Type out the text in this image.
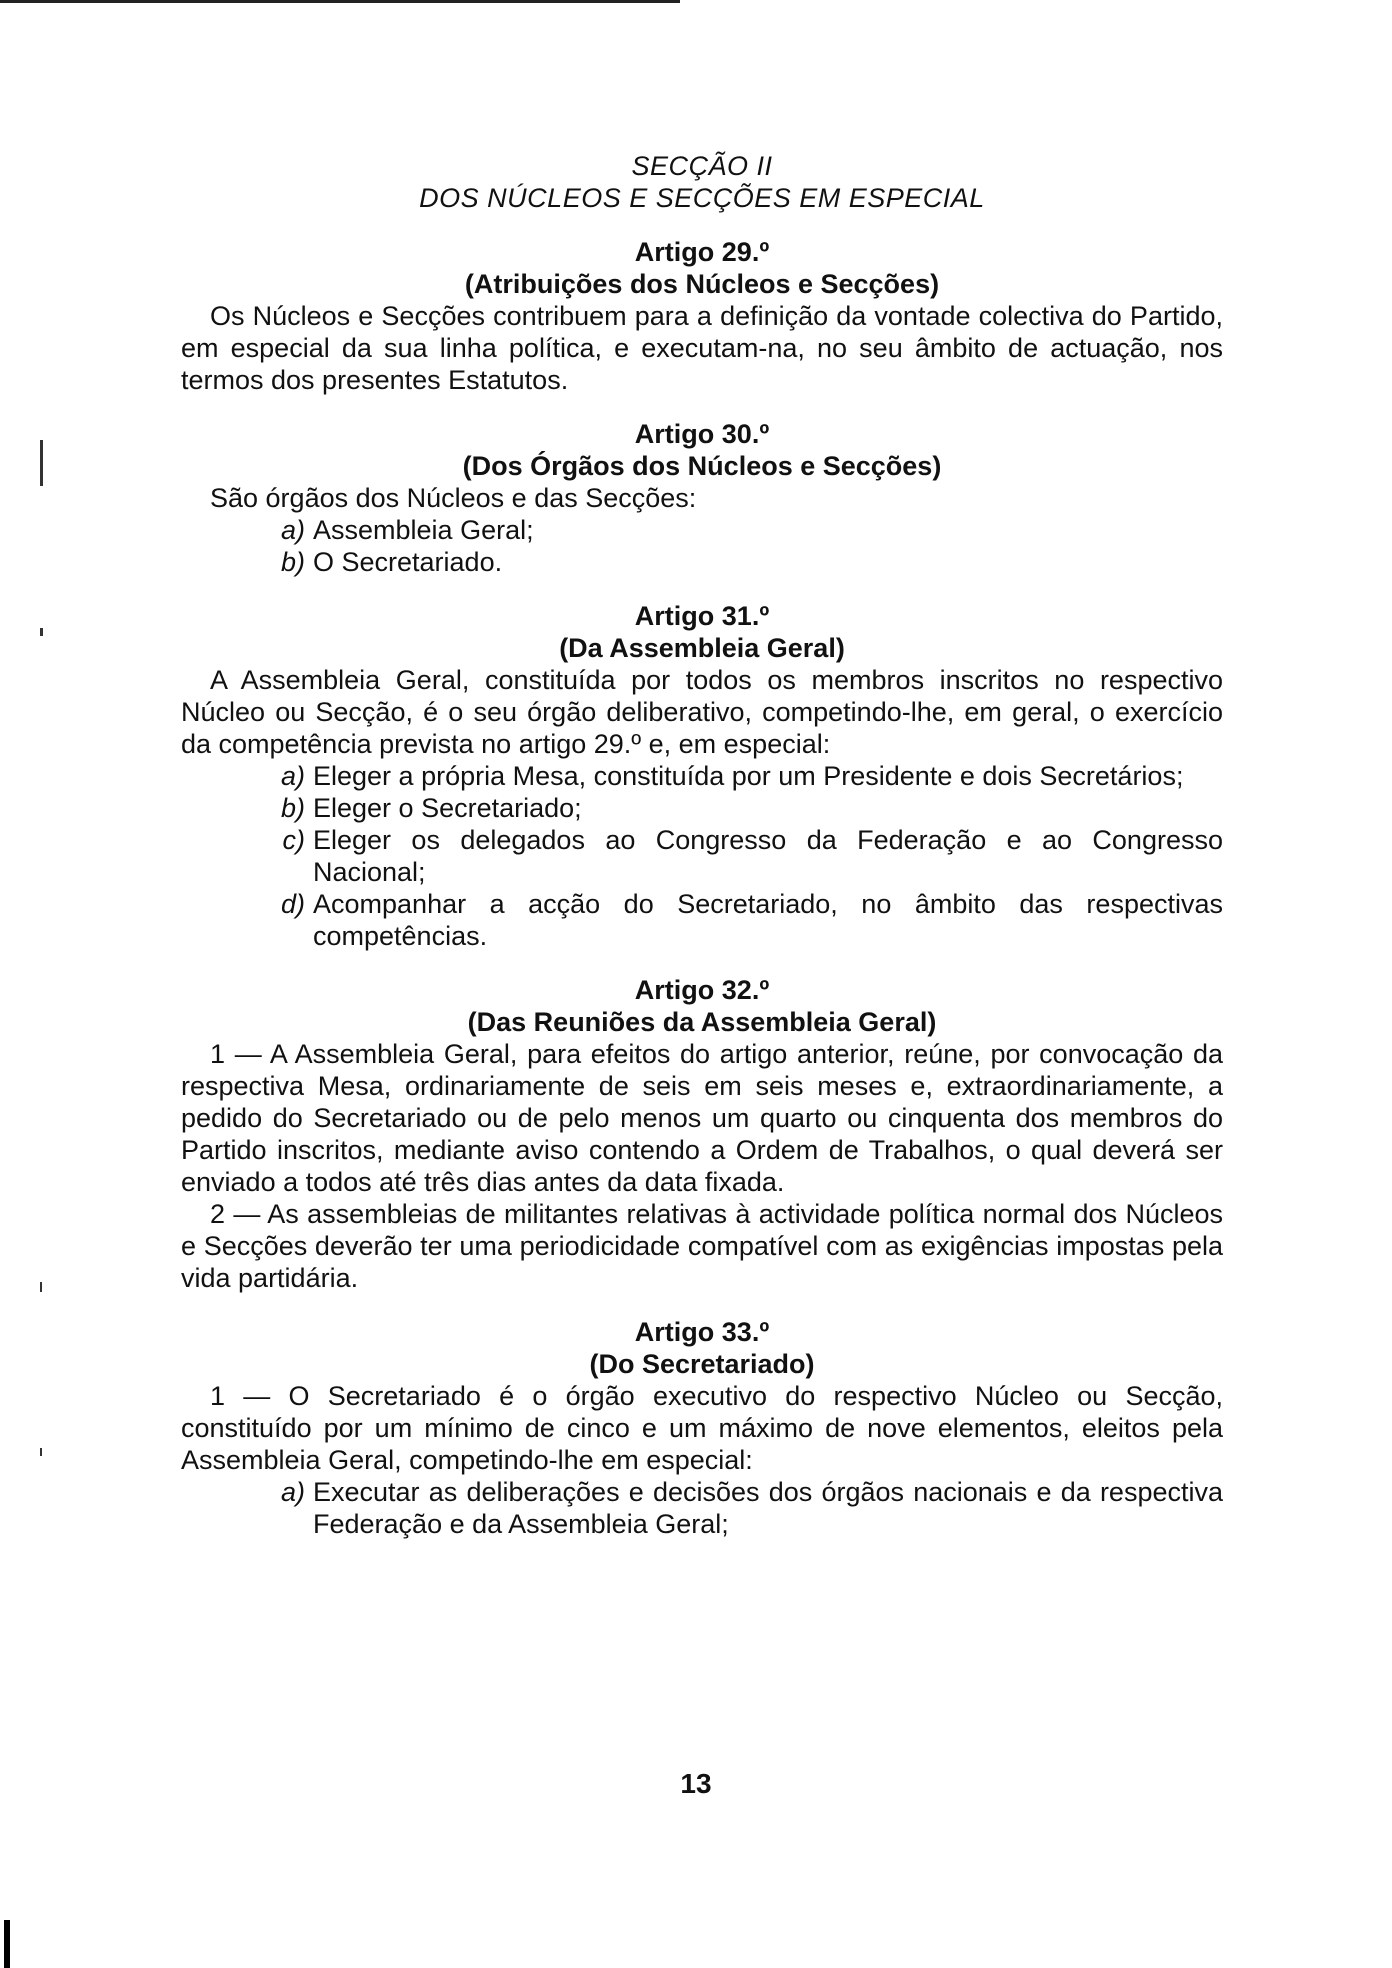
SECÇÃO II
DOS NÚCLEOS E SECÇÕES EM ESPECIAL
Artigo 29.º
(Atribuições dos Núcleos e Secções)

Os Núcleos e Secções contribuem para a definição da vontade colectiva do Partido, em especial da sua linha política, e executam-na, no seu âmbito de actuação, nos termos dos presentes Estatutos.

Artigo 30.º
(Dos Órgãos dos Núcleos e Secções)

São órgãos dos Núcleos e das Secções:

a) Assembleia Geral;
b) O Secretariado.
Artigo 31.º
(Da Assembleia Geral)

A Assembleia Geral, constituída por todos os membros inscritos no respectivo Núcleo ou Secção, é o seu órgão deliberativo, competindo-lhe, em geral, o exercício da competência prevista no artigo 29.º e, em especial:

a) Eleger a própria Mesa, constituída por um Presidente e dois Secretários;
b) Eleger o Secretariado;
c) Eleger os delegados ao Congresso da Federação e ao Congresso Nacional;
d) Acompanhar a acção do Secretariado, no âmbito das respectivas competências.
Artigo 32.º
(Das Reuniões da Assembleia Geral)

1 — A Assembleia Geral, para efeitos do artigo anterior, reúne, por convocação da respectiva Mesa, ordinariamente de seis em seis meses e, extraordinariamente, a pedido do Secretariado ou de pelo menos um quarto ou cinquenta dos membros do Partido inscritos, mediante aviso contendo a Ordem de Trabalhos, o qual deverá ser enviado a todos até três dias antes da data fixada.

2 — As assembleias de militantes relativas à actividade política normal dos Núcleos e Secções deverão ter uma periodicidade compatível com as exigências impostas pela vida partidária.

Artigo 33.º
(Do Secretariado)

1 — O Secretariado é o órgão executivo do respectivo Núcleo ou Secção, constituído por um mínimo de cinco e um máximo de nove elementos, eleitos pela Assembleia Geral, competindo-lhe em especial:

a) Executar as deliberações e decisões dos órgãos nacionais e da respectiva Federação e da Assembleia Geral;
13
